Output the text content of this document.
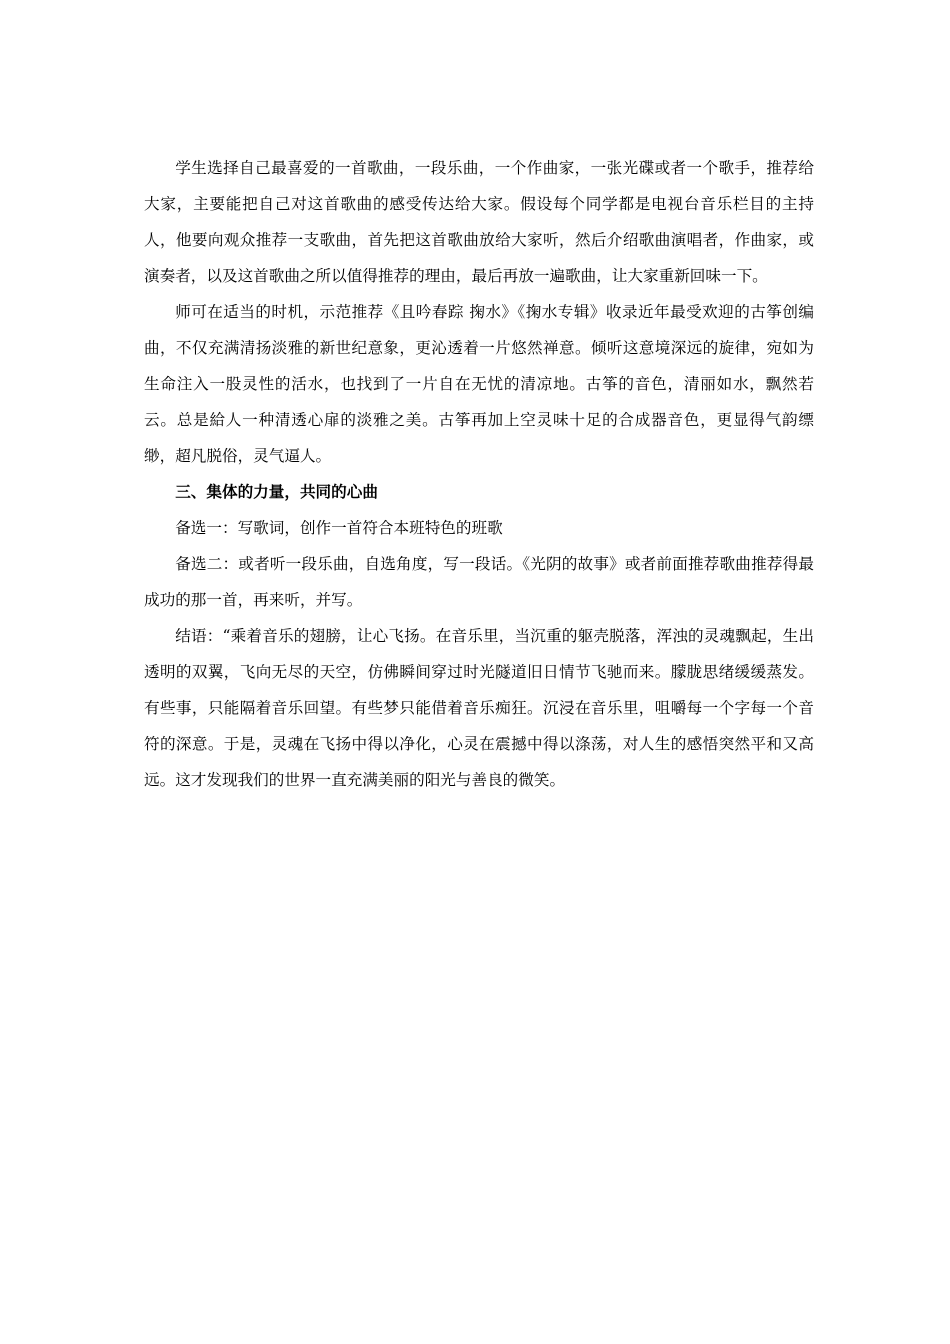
学生选择自己最喜爱的一首歌曲，一段乐曲，一个作曲家，一张光碟或者一个歌手，推荐给大家，主要能把自己对这首歌曲的感受传达给大家。假设每个同学都是电视台音乐栏目的主持人，他要向观众推荐一支歌曲，首先把这首歌曲放给大家听，然后介绍歌曲演唱者，作曲家，或演奏者，以及这首歌曲之所以值得推荐的理由，最后再放一遍歌曲，让大家重新回味一下。

师可在适当的时机，示范推荐《且吟春踪 掬水》《掬水专辑》收录近年最受欢迎的古筝创编曲，不仅充满清扬淡雅的新世纪意象，更沁透着一片悠然禅意。倾听这意境深远的旋律，宛如为生命注入一股灵性的活水，也找到了一片自在无忧的清凉地。古筝的音色，清丽如水，飘然若云。总是給人一种清透心扉的淡雅之美。古筝再加上空灵味十足的合成器音色，更显得气韵缥缈，超凡脱俗，灵气逼人。

三、集体的力量，共同的心曲

备选一：写歌词，创作一首符合本班特色的班歌

备选二：或者听一段乐曲，自选角度，写一段话。《光阴的故事》或者前面推荐歌曲推荐得最成功的那一首，再来听，并写。

结语：“乘着音乐的翅膀，让心飞扬。在音乐里，当沉重的躯壳脱落，浑浊的灵魂飘起，生出透明的双翼，飞向无尽的天空，仿佛瞬间穿过时光隧道旧日情节飞驰而来。朦胧思绪缓缓蒸发。有些事，只能隔着音乐回望。有些梦只能借着音乐痴狂。沉浸在音乐里，咀嚼每一个字每一个音符的深意。于是，灵魂在飞扬中得以净化，心灵在震撼中得以涤荡，对人生的感悟突然平和又高远。这才发现我们的世界一直充满美丽的阳光与善良的微笑。
